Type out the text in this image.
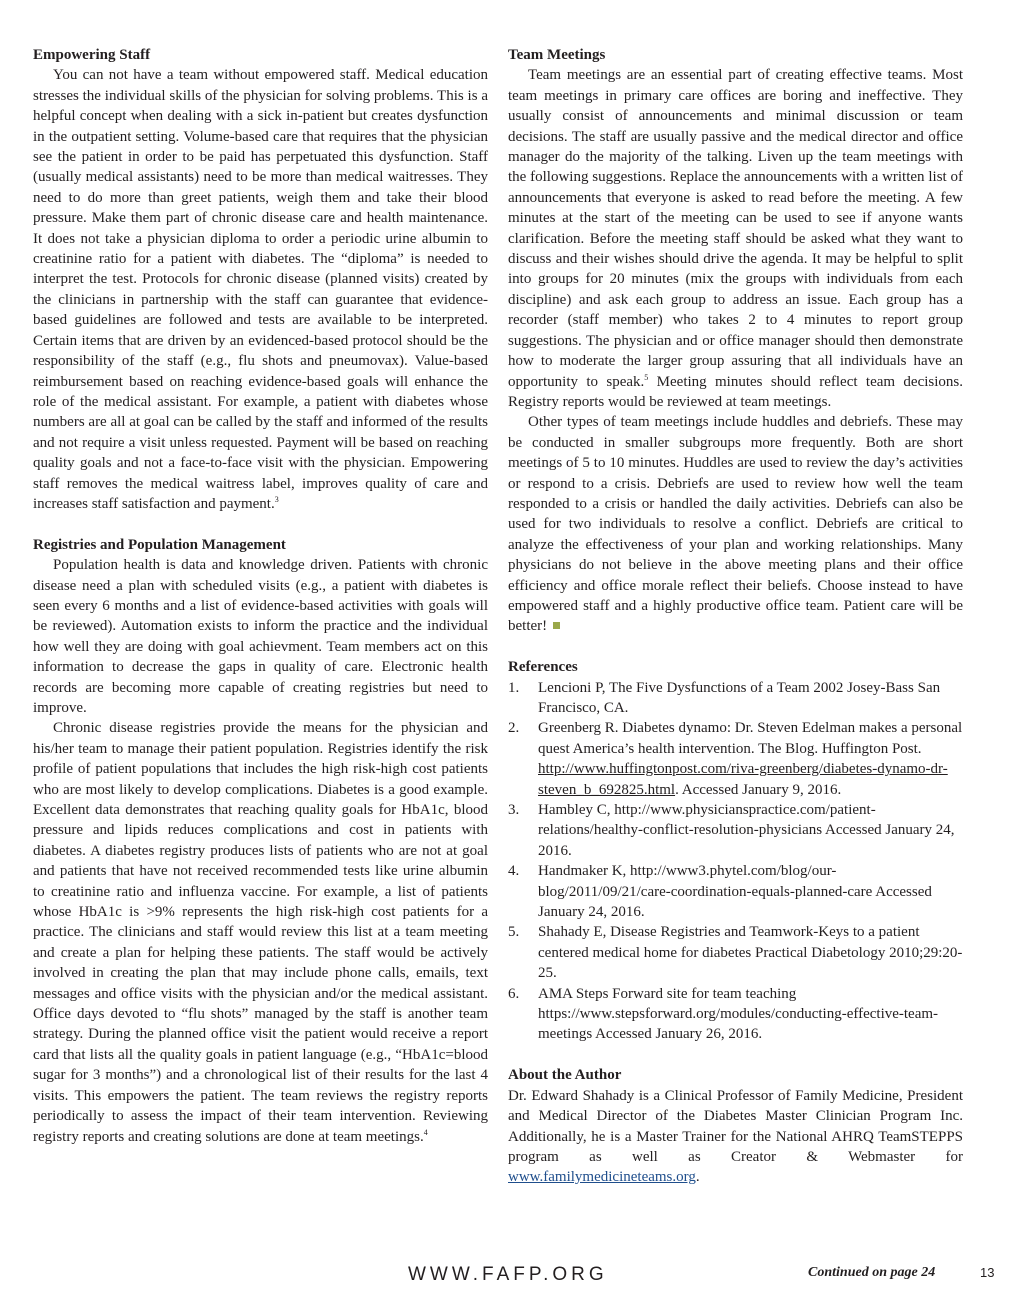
Empowering Staff

You can not have a team without empowered staff. Medical education stresses the individual skills of the physician for solving problems. This is a helpful concept when dealing with a sick in-patient but creates dysfunction in the outpatient setting. Volume-based care that requires that the physician see the patient in order to be paid has perpetuated this dysfunction. Staff (usually medical assistants) need to be more than medical waitresses. They need to do more than greet patients, weigh them and take their blood pressure. Make them part of chronic disease care and health maintenance. It does not take a physician diploma to order a periodic urine albumin to creatinine ratio for a patient with diabetes. The “diploma” is needed to interpret the test. Protocols for chronic disease (planned visits) created by the clinicians in partnership with the staff can guarantee that evidence-based guidelines are followed and tests are available to be interpreted. Certain items that are driven by an evidenced-based protocol should be the responsibility of the staff (e.g., flu shots and pneumovax). Value-based reimbursement based on reaching evidence-based goals will enhance the role of the medical assistant. For example, a patient with diabetes whose numbers are all at goal can be called by the staff and informed of the results and not require a visit unless requested. Payment will be based on reaching quality goals and not a face-to-face visit with the physician. Empowering staff removes the medical waitress label, improves quality of care and increases staff satisfaction and payment.$^3$

Registries and Population Management

Population health is data and knowledge driven. Patients with chronic disease need a plan with scheduled visits (e.g., a patient with diabetes is seen every 6 months and a list of evidence-based activities with goals will be reviewed). Automation exists to inform the practice and the individual how well they are doing with goal achievment. Team members act on this information to decrease the gaps in quality of care. Electronic health records are becoming more capable of creating registries but need to improve.

Chronic disease registries provide the means for the physician and his/her team to manage their patient population. Registries identify the risk profile of patient populations that includes the high risk-high cost patients who are most likely to develop complications. Diabetes is a good example. Excellent data demonstrates that reaching quality goals for HbA1c, blood pressure and lipids reduces complications and cost in patients with diabetes. A diabetes registry produces lists of patients who are not at goal and patients that have not received recommended tests like urine albumin to creatinine ratio and influenza vaccine. For example, a list of patients whose HbA1c is >9% represents the high risk-high cost patients for a practice. The clinicians and staff would review this list at a team meeting and create a plan for helping these patients. The staff would be actively involved in creating the plan that may include phone calls, emails, text messages and office visits with the physician and/or the medical assistant. Office days devoted to “flu shots” managed by the staff is another team strategy. During the planned office visit the patient would receive a report card that lists all the quality goals in patient language (e.g., “HbA1c=blood sugar for 3 months”) and a chronological list of their results for the last 4 visits. This empowers the patient. The team reviews the registry reports periodically to assess the impact of their team intervention. Reviewing registry reports and creating solutions are done at team meetings.$^4$

Team Meetings

Team meetings are an essential part of creating effective teams. Most team meetings in primary care offices are boring and ineffective. They usually consist of announcements and minimal discussion or team decisions. The staff are usually passive and the medical director and office manager do the majority of the talking. Liven up the team meetings with the following suggestions. Replace the announcements with a written list of announcements that everyone is asked to read before the meeting. A few minutes at the start of the meeting can be used to see if anyone wants clarification. Before the meeting staff should be asked what they want to discuss and their wishes should drive the agenda. It may be helpful to split into groups for 20 minutes (mix the groups with individuals from each discipline) and ask each group to address an issue. Each group has a recorder (staff member) who takes 2 to 4 minutes to report group suggestions. The physician and or office manager should then demonstrate how to moderate the larger group assuring that all individuals have an opportunity to speak.$^5$ Meeting minutes should reflect team decisions. Registry reports would be reviewed at team meetings.

Other types of team meetings include huddles and debriefs. These may be conducted in smaller subgroups more frequently. Both are short meetings of 5 to 10 minutes. Huddles are used to review the day’s activities or respond to a crisis. Debriefs are used to review how well the team responded to a crisis or handled the daily activities. Debriefs can also be used for two individuals to resolve a conflict. Debriefs are critical to analyze the effectiveness of your plan and working relationships. Many physicians do not believe in the above meeting plans and their office efficiency and office morale reflect their beliefs. Choose instead to have empowered staff and a highly productive office team. Patient care will be better!

References
1. Lencioni P, The Five Dysfunctions of a Team 2002 Josey-Bass San Francisco, CA.
2. Greenberg R. Diabetes dynamo: Dr. Steven Edelman makes a personal quest America’s health intervention. The Blog. Huffington Post. http://www.huffingtonpost.com/riva-greenberg/diabetes-dynamo-dr-steven_b_692825.html. Accessed January 9, 2016.
3. Hambley C, http://www.physicianspractice.com/patient-relations/healthy-conflict-resolution-physicians Accessed January 24, 2016.
4. Handmaker K, http://www3.phytel.com/blog/our-blog/2011/09/21/care-coordination-equals-planned-care Accessed January 24, 2016.
5. Shahady E, Disease Registries and Teamwork-Keys to a patient centered medical home for diabetes Practical Diabetology 2010;29:20-25.
6. AMA Steps Forward site for team teaching https://www.stepsforward.org/modules/conducting-effective-team-meetings Accessed January 26, 2016.
About the Author

Dr. Edward Shahady is a Clinical Professor of Family Medicine, President and Medical Director of the Diabetes Master Clinician Program Inc. Additionally, he is a Master Trainer for the National AHRQ TeamSTEPPS program as well as Creator & Webmaster for www.familymedicineteams.org.

WWW.FAFP.ORG	Continued on page 24	13
